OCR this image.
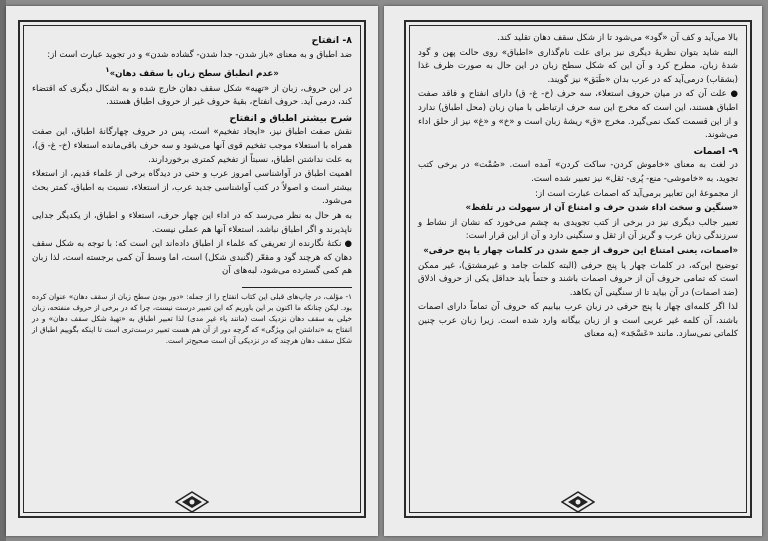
۸- انفتاح

ضد اطباق و به معنای «باز شدن- جدا شدن- گشاده شدن» و در تجوید عبارت است از:

«عدم انطباق سطح زبان با سقف دهان»$^۱$

در این حروف، زبان از «تهیه» شکل سقف دهان خارج شده و به اشکال دیگری که اقتضاء کند، درمی آید. حروف انفتاح، بقیهٔ حروف غیر از حروف اطباق هستند.

شرح بیشتر اطباق و انفتاح

نقش صفت اطباق نیز، «ایجاد تفخیم» است، پس در حروف چهارگانهٔ اطباق، این صفت همراه با استعلاء موجب تفخیم قوی آنها می‌شود و سه حرف باقی‌مانده استعلاء (خ- غ- ق)، به علت نداشتن اطباق، نسبتاً از تفخیم کمتری برخوردارند.

اهمیت اطباق در آواشناسی امروز عرب و حتی در دیدگاه برخی از علماء قدیم، از استعلاء بیشتر است و اصولاً در کتب آواشناسی جدید عرب، از استعلاء، نسبت به اطباق، کمتر بحث می‌شود.

به هر حال به نظر می‌رسد که در اداء این چهار حرف، استعلاء و اطباق، از یکدیگر جدایی ناپذیرند و اگر اطباق نباشد، استعلاء آنها هم عملی نیست.

● نکتهٔ نگارنده از تعریفی که علماء از اطباق داده‌اند این است که: با توجه به شکل سقف دهان که هرچند گود و مقعّر (گنبدی شکل) است، اما وسط آن کمی برجسته است، لذا زبان هم کمی گسترده می‌شود، لبه‌های آن

۱- مؤلف، در چاپ‌های قبلی این کتاب انفتاح را از جمله: «دور بودن سطح زبان از سقف دهان» عنوان کرده بود. لیکن چنانکه ما اکنون بر این باوریم که این تعبیر درست نیست، چرا که در برخی از حروف منفتحه، زبان خیلی به سقف دهان نزدیک است (مانند یاء غیر مدی) لذا تعبیر اطباق به «تهیهٔ شکل سقف دهان» و در انفتاح به «نداشتن این ویژگی» که گرچه دور از آن هم هست تعبیر درست‌تری است تا اینکه بگوییم اطباق از شکل سقف دهان هرچند که در نزدیکی آن است صحیح‌تر است.

بالا می‌آید و کف آن «گود» می‌شود تا از شکل سقف دهان تقلید کند.

البته شاید بتوان نظریهٔ دیگری نیز برای علت نام‌گذاری «اطباق» روی حالت پهن و گود شدهٔ زبان، مطرح کرد و آن این که شکل سطح زبان در این حال به صورت ظرف غذا (بشقاب) درمی‌آید که در عرب بدان «طَبَق» نیز گویند.

● علت آن که در میان حروف استعلاء، سه حرف (خ- غ- ق) دارای انفتاح و فاقد صفت اطباق هستند، این است که مخرج این سه حرف ارتباطی با میان زبان (محل اطباق) ندارد و از این قسمت کمک نمی‌گیرد. مخرج «ق» ریشهٔ زبان است و «خ» و «غ» نیز از حلق اداء می‌شوند.

۹- اصمات

در لغت به معنای «خاموش کردن- ساکت کردن» آمده است. «صُمْت» در برخی کتب تجوید، به «خاموشی- منع- پُری- ثقل» نیز تعبیر شده است.

از مجموعهٔ این تعابیر برمی‌آید که اصمات عبارت است از:

«سنگین و سخت اداء شدن حرف و امتناع آن از سهولت در تلفظ»

تعبیر جالب دیگری نیز در برخی از کتب تجویدی به چشم می‌خورد که نشان از نشاط و سرزندگی زبان عرب و گریز آن از ثقل و سنگینی دارد و آن از این قرار است:

«اصمات، یعنی امتناع این حروف از جمع شدن در کلمات چهار یا پنج حرفی»

توضیح این‌که، در کلمات چهار یا پنج حرفی (البته کلمات جامد و غیرمشتق)، غیر ممکن است که تمامی حروف آن از حروف اصمات باشند و حتماً باید حداقل یکی از حروف اذلاق (ضد اصمات) در آن بیاید تا از سنگینی آن بکاهد.

لذا اگر کلمه‌ای چهار یا پنج حرفی در زبان عرب بیابیم که حروف آن تماماً دارای اصمات باشند، آن کلمه غیر عربی است و از زبان بیگانه وارد شده است. زیرا زبان عرب چنین کلماتی نمی‌سازد. مانند «عَسْجَد» (به معنای
